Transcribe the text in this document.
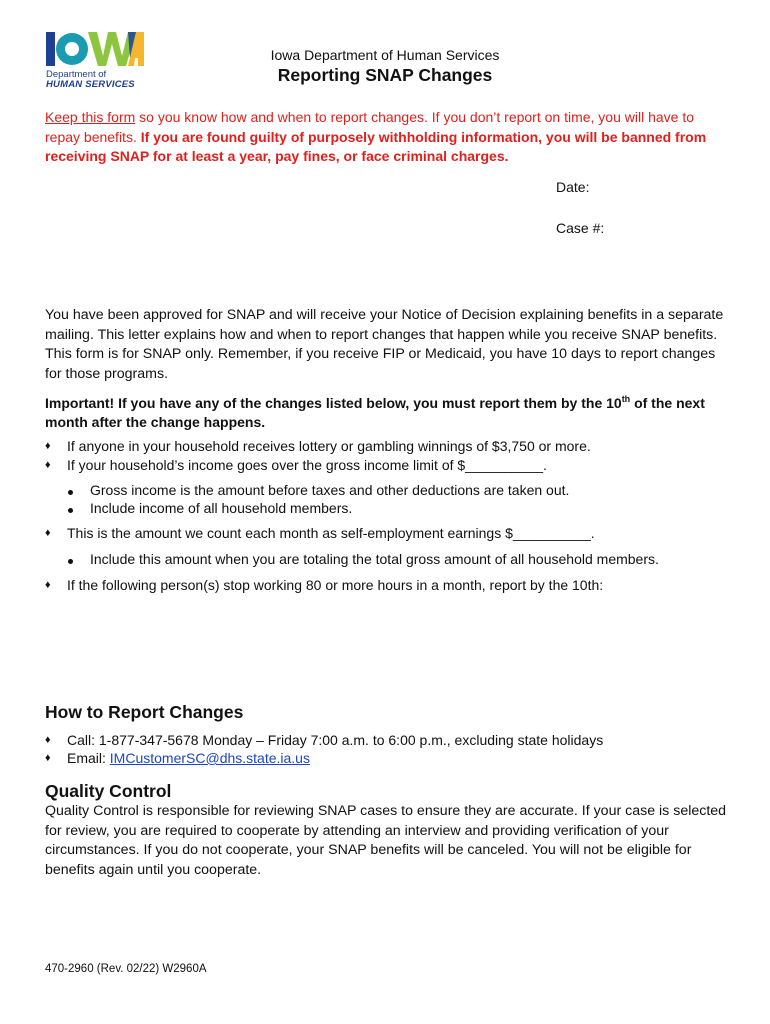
Department of
HUMAN SERVICES
Iowa Department of Human Services
Reporting SNAP Changes
Keep this form so you know how and when to report changes. If you don’t report on time, you will have to repay benefits. If you are found guilty of purposely withholding information, you will be banned from receiving SNAP for at least a year, pay fines, or face criminal charges.
Date:
Case #:

You have been approved for SNAP and will receive your Notice of Decision explaining benefits in a separate mailing. This letter explains how and when to report changes that happen while you receive SNAP benefits. This form is for SNAP only. Remember, if you receive FIP or Medicaid, you have 10 days to report changes for those programs.

Important! If you have any of the changes listed below, you must report them by the 10th of the next month after the change happens.
♦	If anyone in your household receives lottery or gambling winnings of $3,750 or more.
♦	If your household’s income goes over the gross income limit of $__________.
Gross income is the amount before taxes and other deductions are taken out.
Include income of all household members.
♦	This is the amount we count each month as self-employment earnings $__________.
Include this amount when you are totaling the total gross amount of all household members.
♦	If the following person(s) stop working 80 or more hours in a month, report by the 10th:
How to Report Changes
♦	Call: 1-877-347-5678 Monday – Friday 7:00 a.m. to 6:00 p.m., excluding state holidays
♦	Email: IMCustomerSC@dhs.state.ia.us
Quality Control

Quality Control is responsible for reviewing SNAP cases to ensure they are accurate. If your case is selected for review, you are required to cooperate by attending an interview and providing verification of your circumstances. If you do not cooperate, your SNAP benefits will be canceled. You will not be eligible for benefits again until you cooperate.

470-2960 (Rev. 02/22) W2960A
